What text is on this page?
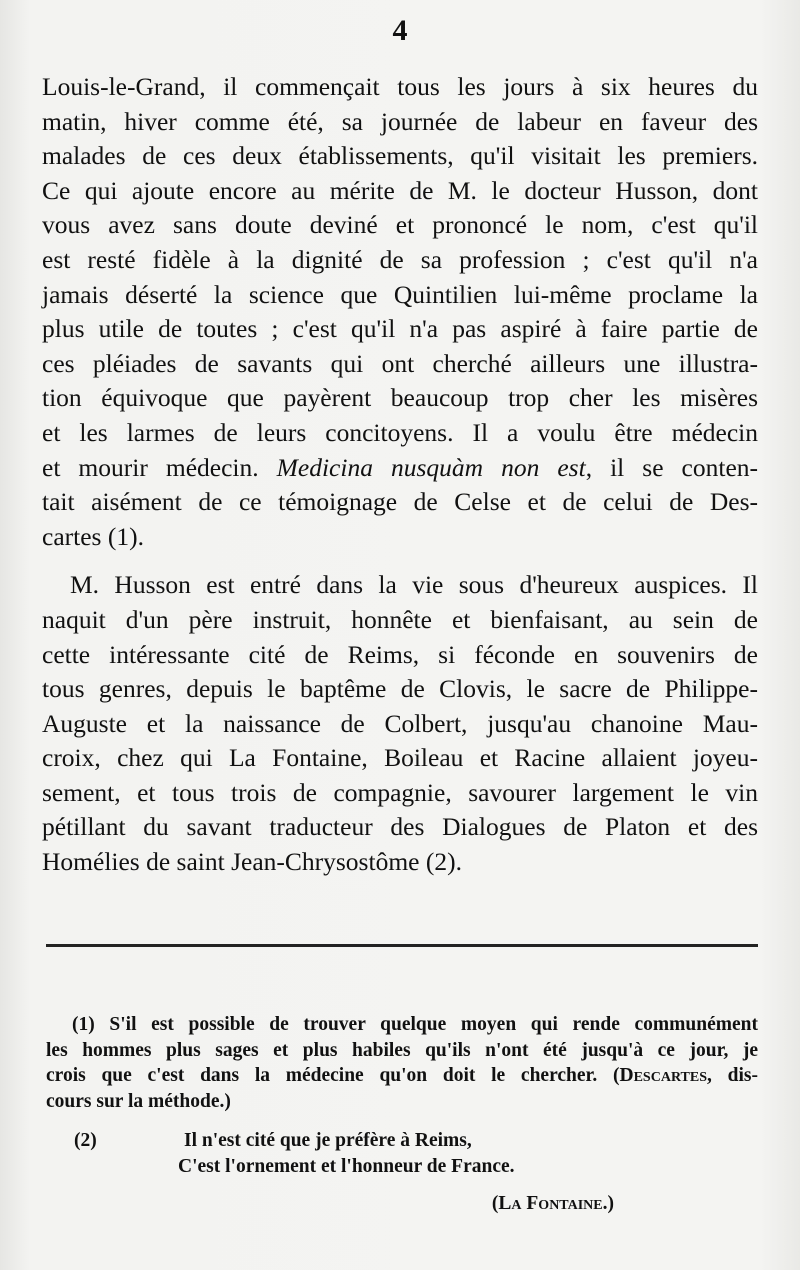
4
Louis-le-Grand, il commençait tous les jours à six heures du
matin, hiver comme été, sa journée de labeur en faveur des
malades de ces deux établissements, qu'il visitait les premiers.
Ce qui ajoute encore au mérite de M. le docteur Husson, dont
vous avez sans doute deviné et prononcé le nom, c'est qu'il
est resté fidèle à la dignité de sa profession ; c'est qu'il n'a
jamais déserté la science que Quintilien lui-même proclame la
plus utile de toutes ; c'est qu'il n'a pas aspiré à faire partie de
ces pléiades de savants qui ont cherché ailleurs une illustra-
tion équivoque que payèrent beaucoup trop cher les misères
et les larmes de leurs concitoyens. Il a voulu être médecin
et mourir médecin. Medicina nusquàm non est, il se conten-
tait aisément de ce témoignage de Celse et de celui de Des-
cartes (1).
M. Husson est entré dans la vie sous d'heureux auspices. Il
naquit d'un père instruit, honnête et bienfaisant, au sein de
cette intéressante cité de Reims, si féconde en souvenirs de
tous genres, depuis le baptême de Clovis, le sacre de Philippe-
Auguste et la naissance de Colbert, jusqu'au chanoine Mau-
croix, chez qui La Fontaine, Boileau et Racine allaient joyeu-
sement, et tous trois de compagnie, savourer largement le vin
pétillant du savant traducteur des Dialogues de Platon et des
Homélies de saint Jean-Chrysostôme (2).
(1) S'il est possible de trouver quelque moyen qui rende communément
les hommes plus sages et plus habiles qu'ils n'ont été jusqu'à ce jour, je
crois que c'est dans la médecine qu'on doit le chercher. (Descartes, dis-
cours sur la méthode.)
(2)	Il n'est cité que je préfère à Reims,
C'est l'ornement et l'honneur de France.
(La Fontaine.)
